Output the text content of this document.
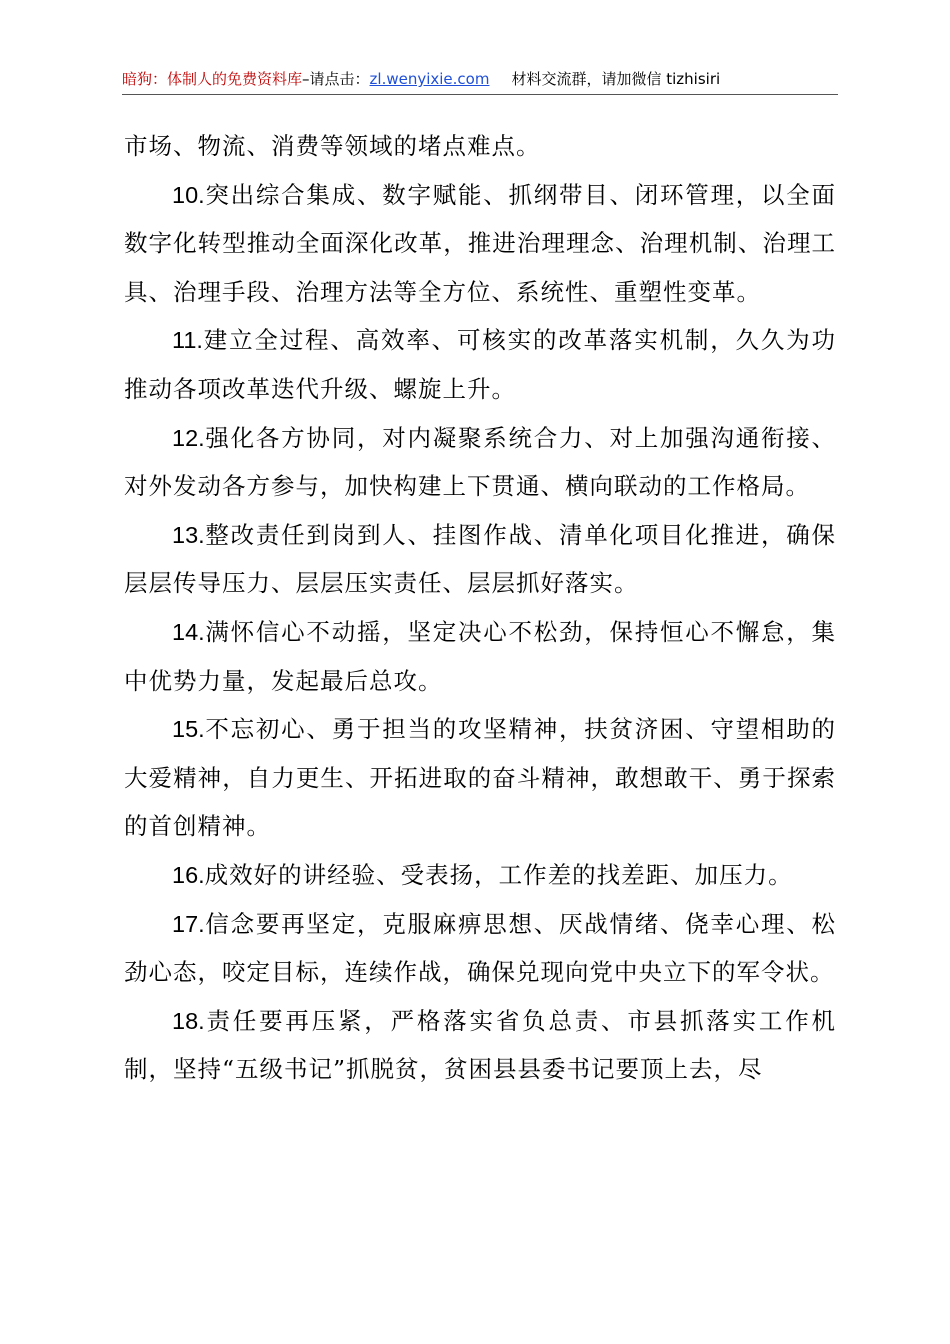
暗狗：体制人的免费资料库–请点击：zl.wenyixie.com 材料交流群，请加微信 tizhisiri

市场、物流、消费等领域的堵点难点。

10.突出综合集成、数字赋能、抓纲带目、闭环管理，以全面数字化转型推动全面深化改革，推进治理理念、治理机制、治理工具、治理手段、治理方法等全方位、系统性、重塑性变革。

11.建立全过程、高效率、可核实的改革落实机制，久久为功推动各项改革迭代升级、螺旋上升。

12.强化各方协同，对内凝聚系统合力、对上加强沟通衔接、对外发动各方参与，加快构建上下贯通、横向联动的工作格局。

13.整改责任到岗到人、挂图作战、清单化项目化推进，确保层层传导压力、层层压实责任、层层抓好落实。

14.满怀信心不动摇，坚定决心不松劲，保持恒心不懈怠，集中优势力量，发起最后总攻。

15.不忘初心、勇于担当的攻坚精神，扶贫济困、守望相助的大爱精神，自力更生、开拓进取的奋斗精神，敢想敢干、勇于探索的首创精神。

16.成效好的讲经验、受表扬，工作差的找差距、加压力。

17.信念要再坚定，克服麻痹思想、厌战情绪、侥幸心理、松劲心态，咬定目标，连续作战，确保兑现向党中央立下的军令状。

18.责任要再压紧，严格落实省负总责、市县抓落实工作机制，坚持“五级书记”抓脱贫，贫困县县委书记要顶上去，尽
